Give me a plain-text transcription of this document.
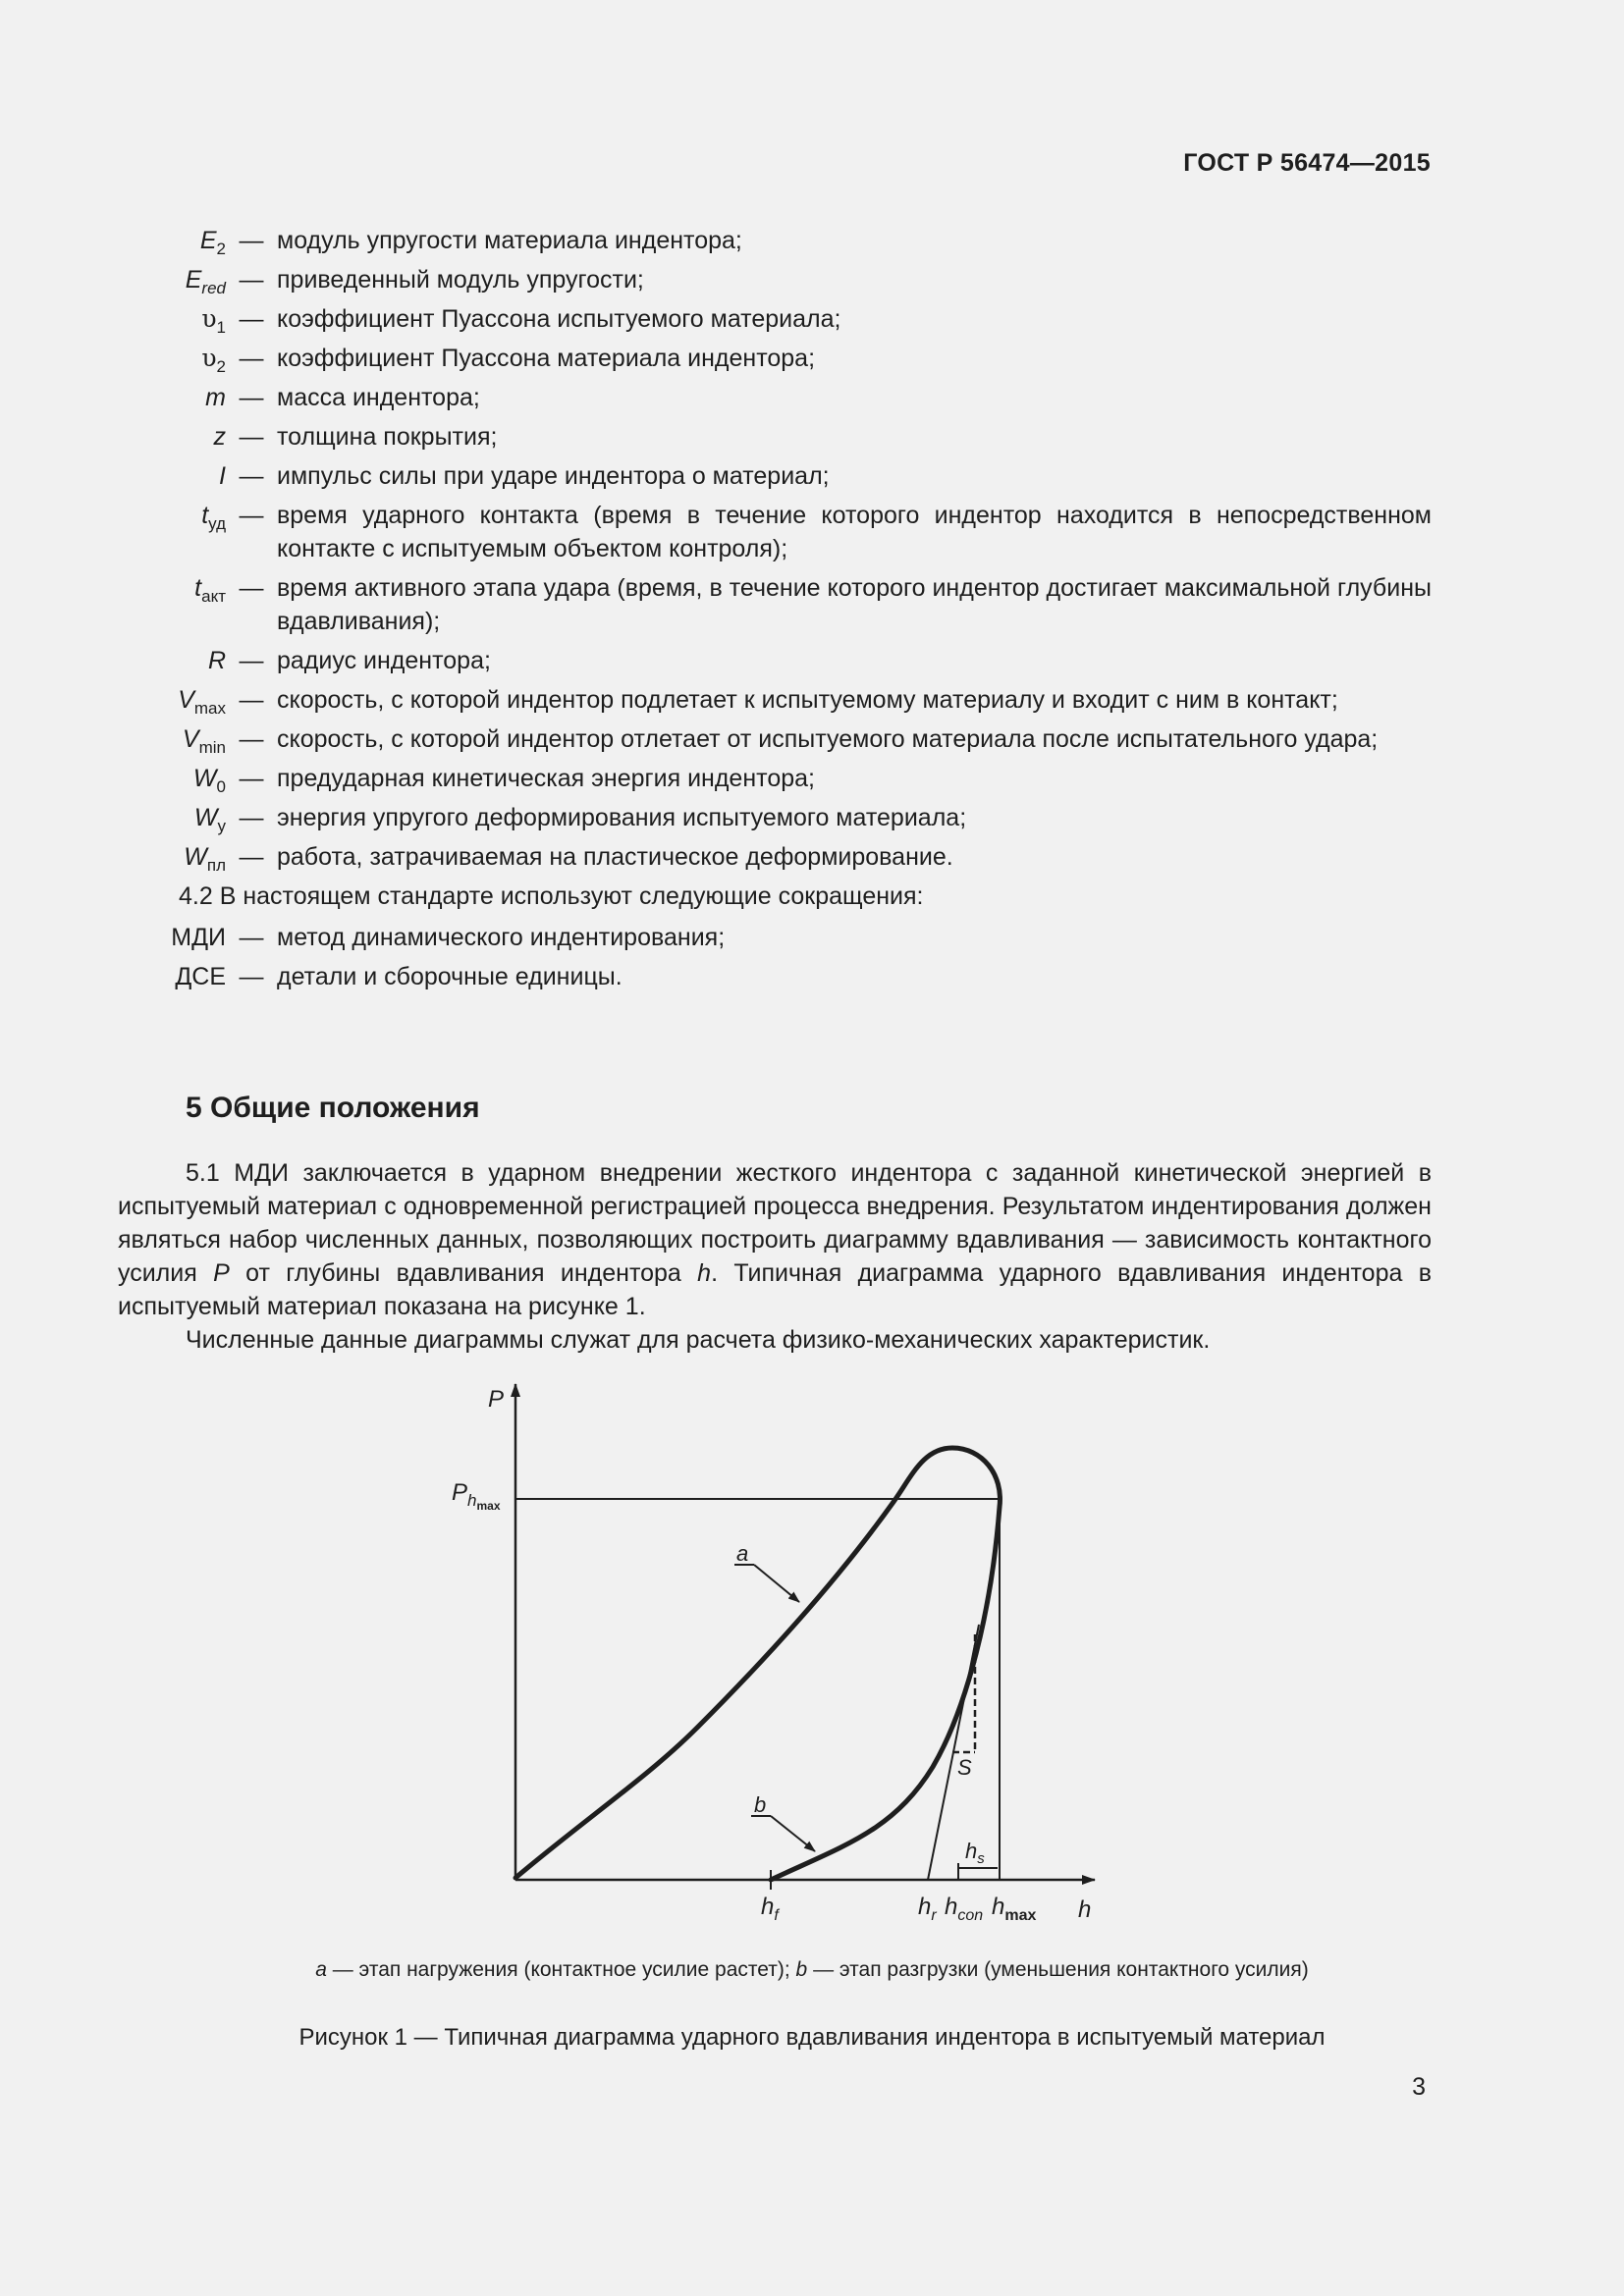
ГОСТ Р 56474—2015
$E_2$ — модуль упругости материала индентора;
$E_{red}$ — приведенный модуль упругости;
$\upsilon_1$ — коэффициент Пуассона испытуемого материала;
$\upsilon_2$ — коэффициент Пуассона материала индентора;
m — масса индентора;
z — толщина покрытия;
I — импульс силы при ударе индентора о материал;
$t_{уд}$ — время ударного контакта (время в течение которого индентор находится в непосредственном контакте с испытуемым объектом контроля);
$t_{акт}$ — время активного этапа удара (время, в течение которого индентор достигает максимальной глубины вдавливания);
R — радиус индентора;
$V_{max}$ — скорость, с которой индентор подлетает к испытуемому материалу и входит с ним в контакт;
$V_{min}$ — скорость, с которой индентор отлетает от испытуемого материала после испытательного удара;
$W_0$ — предударная кинетическая энергия индентора;
$W_у$ — энергия упругого деформирования испытуемого материала;
$W_{пл}$ — работа, затрачиваемая на пластическое деформирование.
4.2 В настоящем стандарте используют следующие сокращения:
МДИ — метод динамического индентирования;
ДСЕ — детали и сборочные единицы.
5 Общие положения
5.1 МДИ заключается в ударном внедрении жесткого индентора с заданной кинетической энергией в испытуемый материал с одновременной регистрацией процесса внедрения. Результатом индентирования должен являться набор численных данных, позволяющих построить диаграмму вдавливания — зависимость контактного усилия P от глубины вдавливания индентора h. Типичная диаграмма ударного вдавливания индентора в испытуемый материал показана на рисунке 1.
Численные данные диаграммы служат для расчета физико-механических характеристик.
P
h
$P_h\max$
a
b
S
$h_s$
$h_f$	$h_r$ $h_{con}$ $h_{max}$
a — этап нагружения (контактное усилие растет); b — этап разгрузки (уменьшения контактного усилия)
Рисунок 1 — Типичная диаграмма ударного вдавливания индентора в испытуемый материал
3
